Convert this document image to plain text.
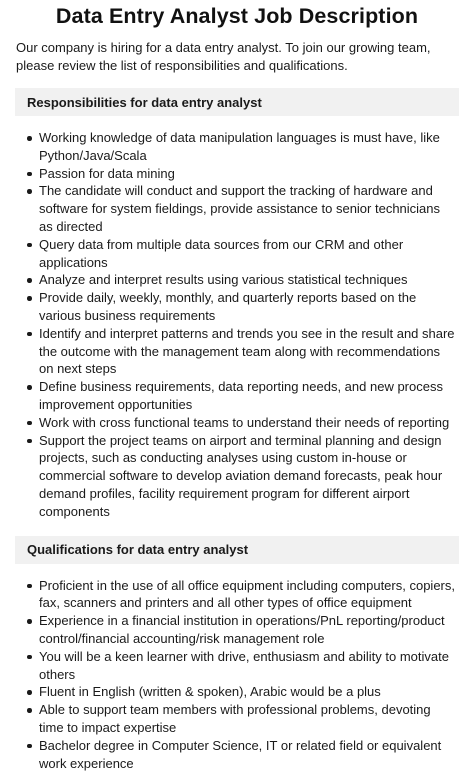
Data Entry Analyst Job Description

Our company is hiring for a data entry analyst. To join our growing team, please review the list of responsibilities and qualifications.

Responsibilities for data entry analyst
Working knowledge of data manipulation languages is must have, like Python/Java/Scala
Passion for data mining
The candidate will conduct and support the tracking of hardware and software for system fieldings, provide assistance to senior technicians as directed
Query data from multiple data sources from our CRM and other applications
Analyze and interpret results using various statistical techniques
Provide daily, weekly, monthly, and quarterly reports based on the various business requirements
Identify and interpret patterns and trends you see in the result and share the outcome with the management team along with recommendations on next steps
Define business requirements, data reporting needs, and new process improvement opportunities
Work with cross functional teams to understand their needs of reporting
Support the project teams on airport and terminal planning and design projects, such as conducting analyses using custom in-house or commercial software to develop aviation demand forecasts, peak hour demand profiles, facility requirement program for different airport components
Qualifications for data entry analyst
Proficient in the use of all office equipment including computers, copiers, fax, scanners and printers and all other types of office equipment
Experience in a financial institution in operations/PnL reporting/product control/financial accounting/risk management role
You will be a keen learner with drive, enthusiasm and ability to motivate others
Fluent in English (written & spoken), Arabic would be a plus
Able to support team members with professional problems, devoting time to impact expertise
Bachelor degree in Computer Science, IT or related field or equivalent work experience
